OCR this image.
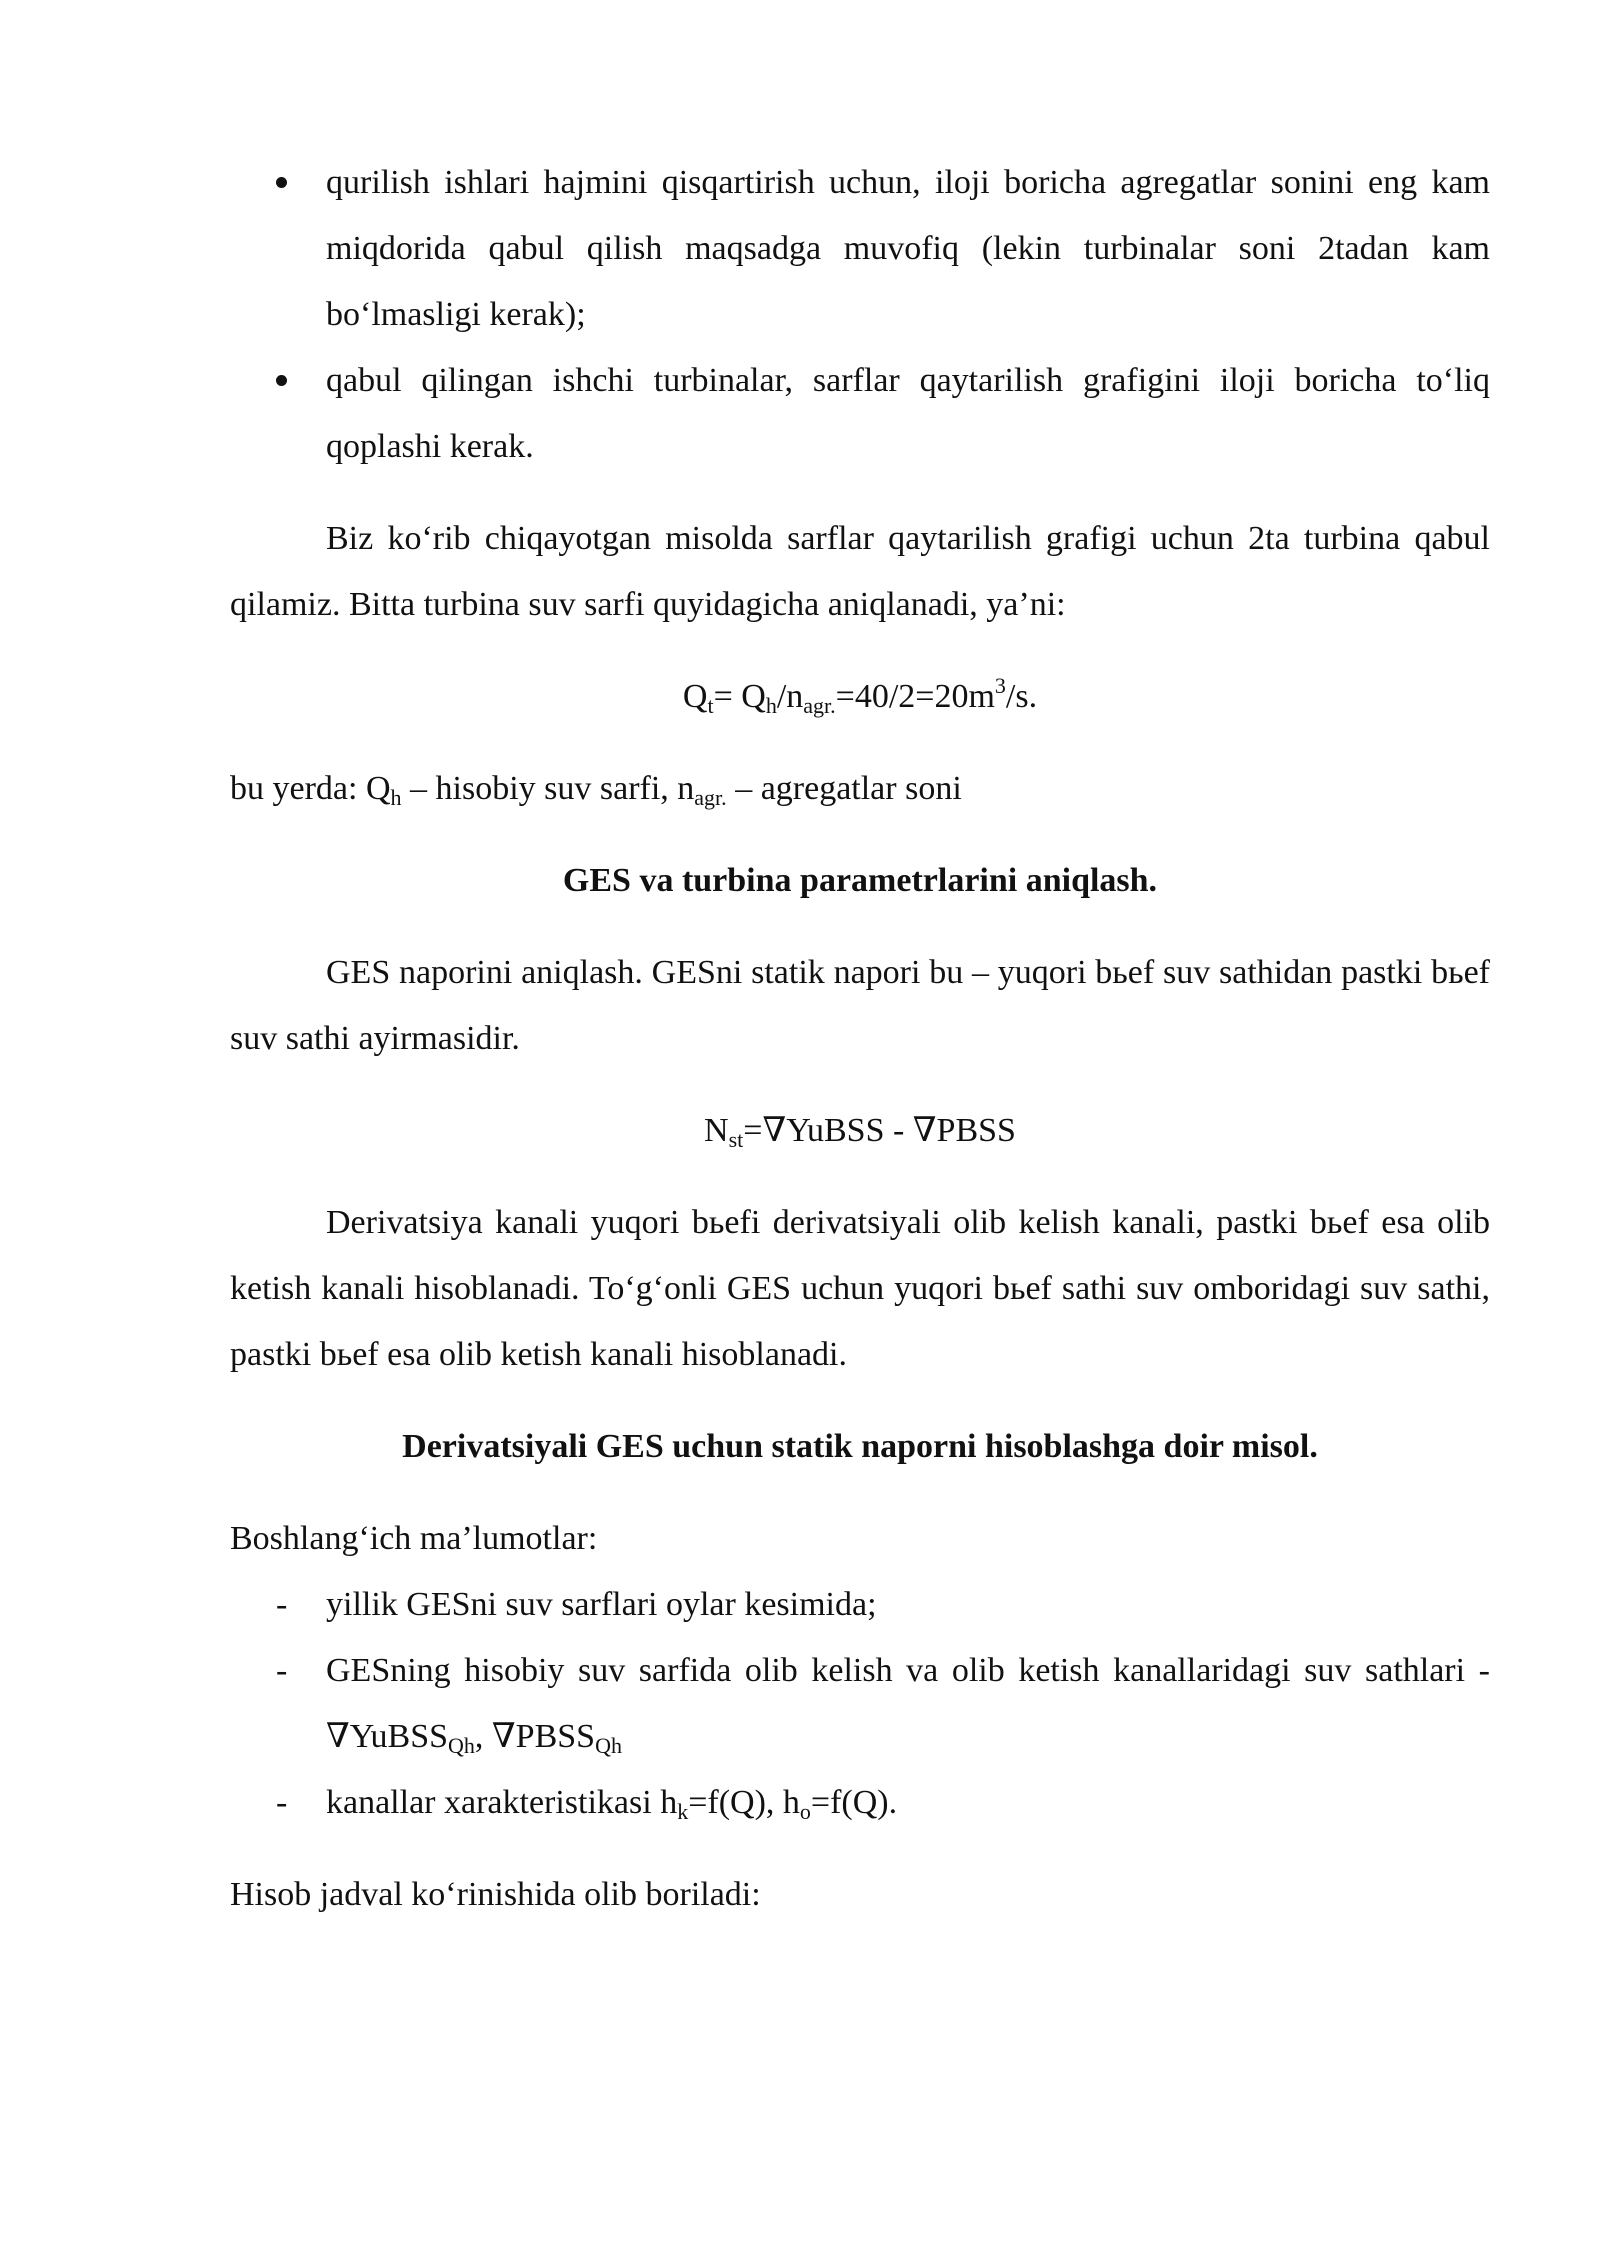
qurilish ishlari hajmini qisqartirish uchun, iloji boricha agregatlar sonini eng kam miqdorida qabul qilish maqsadga muvofiq (lekin turbinalar soni 2tadan kam bo‘lmasligi kerak);
qabul qilingan ishchi turbinalar, sarflar qaytarilish grafigini iloji boricha to‘liq qoplashi kerak.

Biz ko‘rib chiqayotgan misolda sarflar qaytarilish grafigi uchun 2ta turbina qabul qilamiz. Bitta turbina suv sarfi quyidagicha aniqlanadi, ya’ni:

$Q_t= Q_h/n_{agr.}=40/2=20m^3/s$.

bu yerda: $Q_h$ – hisobiy suv sarfi, $n_{agr.}$ – agregatlar soni

GES va turbina parametrlarini aniqlash.

GES naporini aniqlash. GESni statik napori bu – yuqori bьef suv sathidan pastki bьef suv sathi ayirmasidir.

$N_{st}=\nabla YuBSS$ - ∇PBSS

Derivatsiya kanali yuqori bьefi derivatsiyali olib kelish kanali, pastki bьef esa olib ketish kanali hisoblanadi. To‘g‘onli GES uchun yuqori bьef sathi suv omboridagi suv sathi, pastki bьef esa olib ketish kanali hisoblanadi.

Derivatsiyali GES uchun statik naporni hisoblashga doir misol.

Boshlang‘ich ma’lumotlar:

- yillik GESni suv sarflari oylar kesimida;
- GESning hisobiy suv sarfida olib kelish va olib ketish kanallaridagi suv sathlari - ∇YuBSS$_{Qh}$, $\nabla PBSS_{Qh}$
- kanallar xarakteristikasi $h_k=f(Q)$, $h_o=f(Q)$.

Hisob jadval ko‘rinishida olib boriladi:
